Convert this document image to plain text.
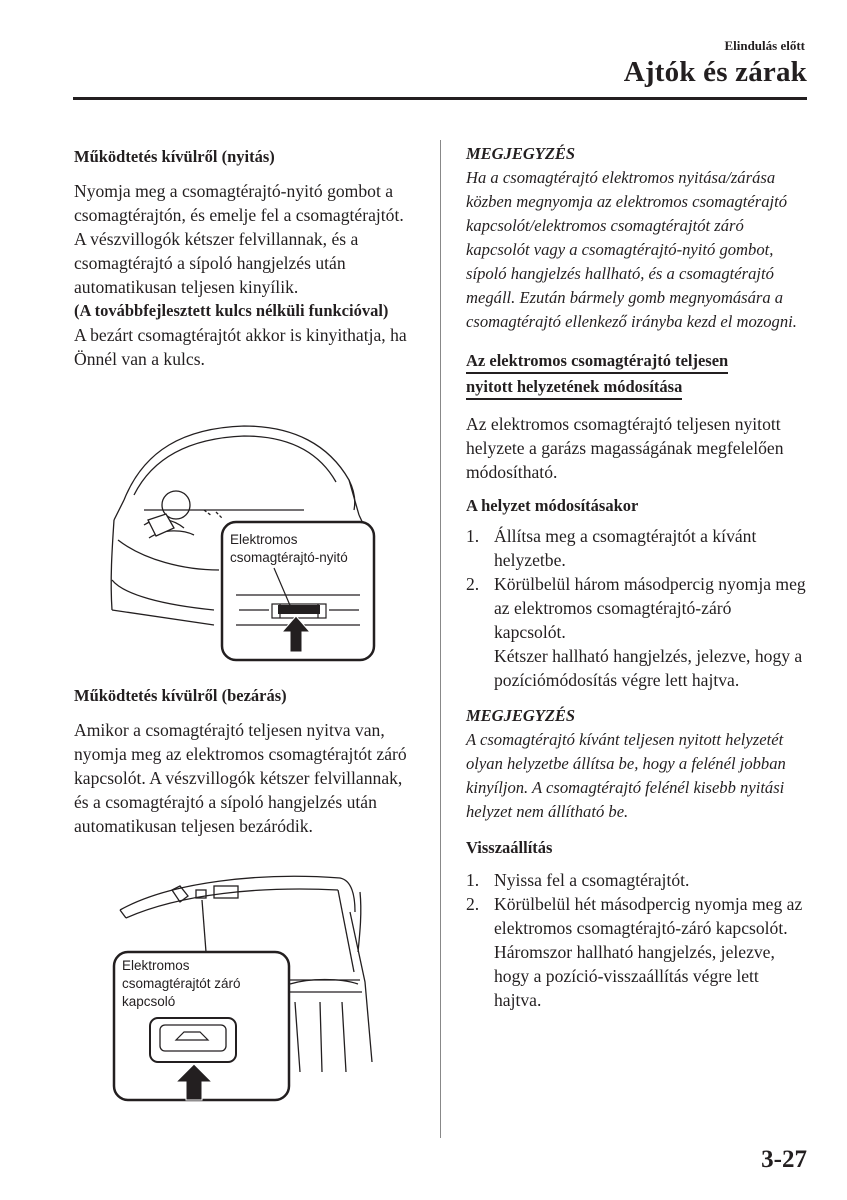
Elindulás előtt
Ajtók és zárak

Működtetés kívülről (nyitás)

Nyomja meg a csomagtérajtó-nyitó gombot a csomagtérajtón, és emelje fel a csomagtérajtót. A vészvillogók kétszer felvillannak, és a csomagtérajtó a sípoló hangjelzés után automatikusan teljesen kinyílik.

(A továbbfejlesztett kulcs nélküli funkcióval)

A bezárt csomagtérajtót akkor is kinyithatja, ha Önnél van a kulcs.

Elektromos
csomagtérajtó-nyitó

Működtetés kívülről (bezárás)

Amikor a csomagtérajtó teljesen nyitva van, nyomja meg az elektromos csomagtérajtót záró kapcsolót. A vészvillogók kétszer felvillannak, és a csomagtérajtó a sípoló hangjelzés után automatikusan teljesen bezáródik.

Elektromos
csomagtérajtót záró
kapcsoló

MEGJEGYZÉS

Ha a csomagtérajtó elektromos nyitása/zárása közben megnyomja az elektromos csomagtérajtó kapcsolót/elektromos csomagtérajtót záró kapcsolót vagy a csomagtérajtó-nyitó gombot, sípoló hangjelzés hallható, és a csomagtérajtó megáll. Ezután bármely gomb megnyomására a csomagtérajtó ellenkező irányba kezd el mozogni.

Az elektromos csomagtérajtó teljesen
nyitott helyzetének módosítása

Az elektromos csomagtérajtó teljesen nyitott helyzete a garázs magasságának megfelelően módosítható.

A helyzet módosításakor

1. Állítsa meg a csomagtérajtót a kívánt helyzetbe.
2. Körülbelül három másodpercig nyomja meg az elektromos csomagtérajtó-záró kapcsolót.
Kétszer hallható hangjelzés, jelezve, hogy a pozíciómódosítás végre lett hajtva.

MEGJEGYZÉS

A csomagtérajtó kívánt teljesen nyitott helyzetét olyan helyzetbe állítsa be, hogy a felénél jobban kinyíljon. A csomagtérajtó felénél kisebb nyitási helyzet nem állítható be.

Visszaállítás

1. Nyissa fel a csomagtérajtót.
2. Körülbelül hét másodpercig nyomja meg az elektromos csomagtérajtó-záró kapcsolót.
Háromszor hallható hangjelzés, jelezve, hogy a pozíció-visszaállítás végre lett hajtva.
3-27
